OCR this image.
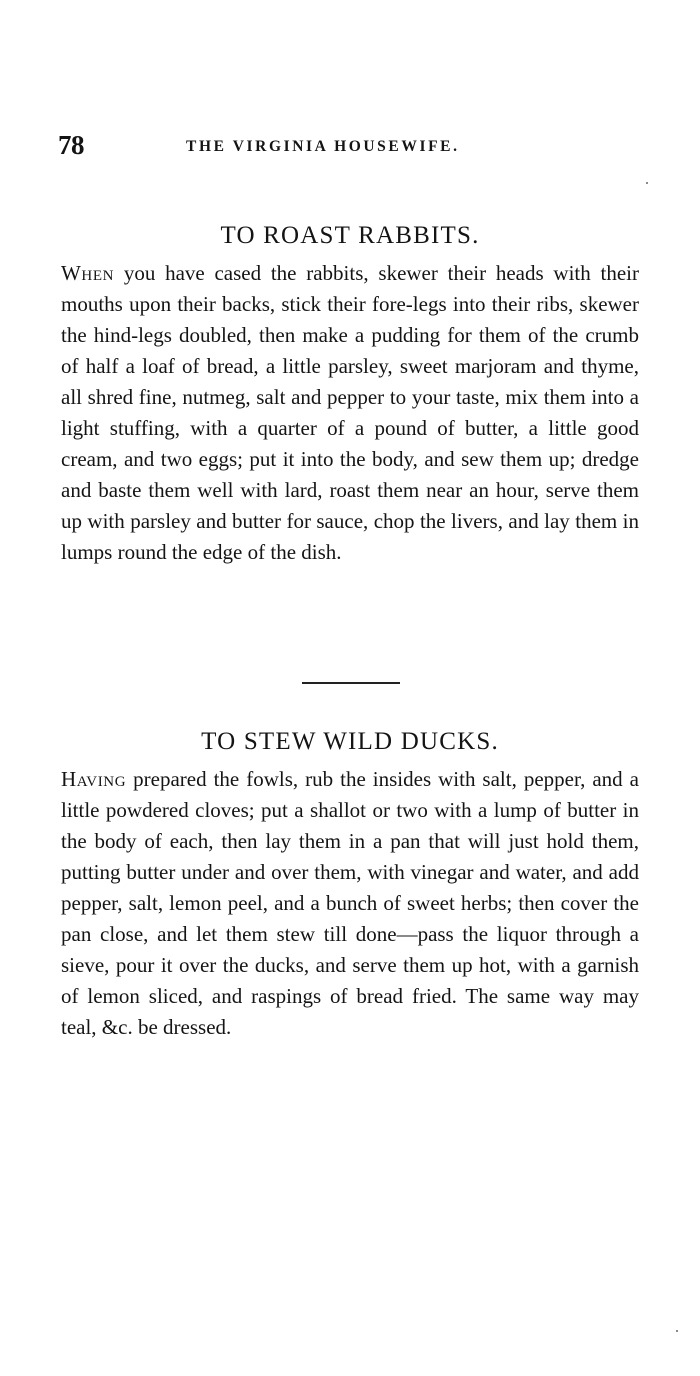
78	THE VIRGINIA HOUSEWIFE.
TO ROAST RABBITS.

When you have cased the rabbits, skewer their heads with their mouths upon their backs, stick their fore-legs into their ribs, skewer the hind-legs doubled, then make a pudding for them of the crumb of half a loaf of bread, a little parsley, sweet marjoram and thyme, all shred fine, nutmeg, salt and pepper to your taste, mix them into a light stuffing, with a quarter of a pound of butter, a little good cream, and two eggs; put it into the body, and sew them up; dredge and baste them well with lard, roast them near an hour, serve them up with parsley and butter for sauce, chop the livers, and lay them in lumps round the edge of the dish.

TO STEW WILD DUCKS.

Having prepared the fowls, rub the insides with salt, pepper, and a little powdered cloves; put a shallot or two with a lump of butter in the body of each, then lay them in a pan that will just hold them, putting butter under and over them, with vinegar and water, and add pepper, salt, lemon peel, and a bunch of sweet herbs; then cover the pan close, and let them stew till done—pass the liquor through a sieve, pour it over the ducks, and serve them up hot, with a garnish of lemon sliced, and raspings of bread fried. The same way may teal, &c. be dressed.
